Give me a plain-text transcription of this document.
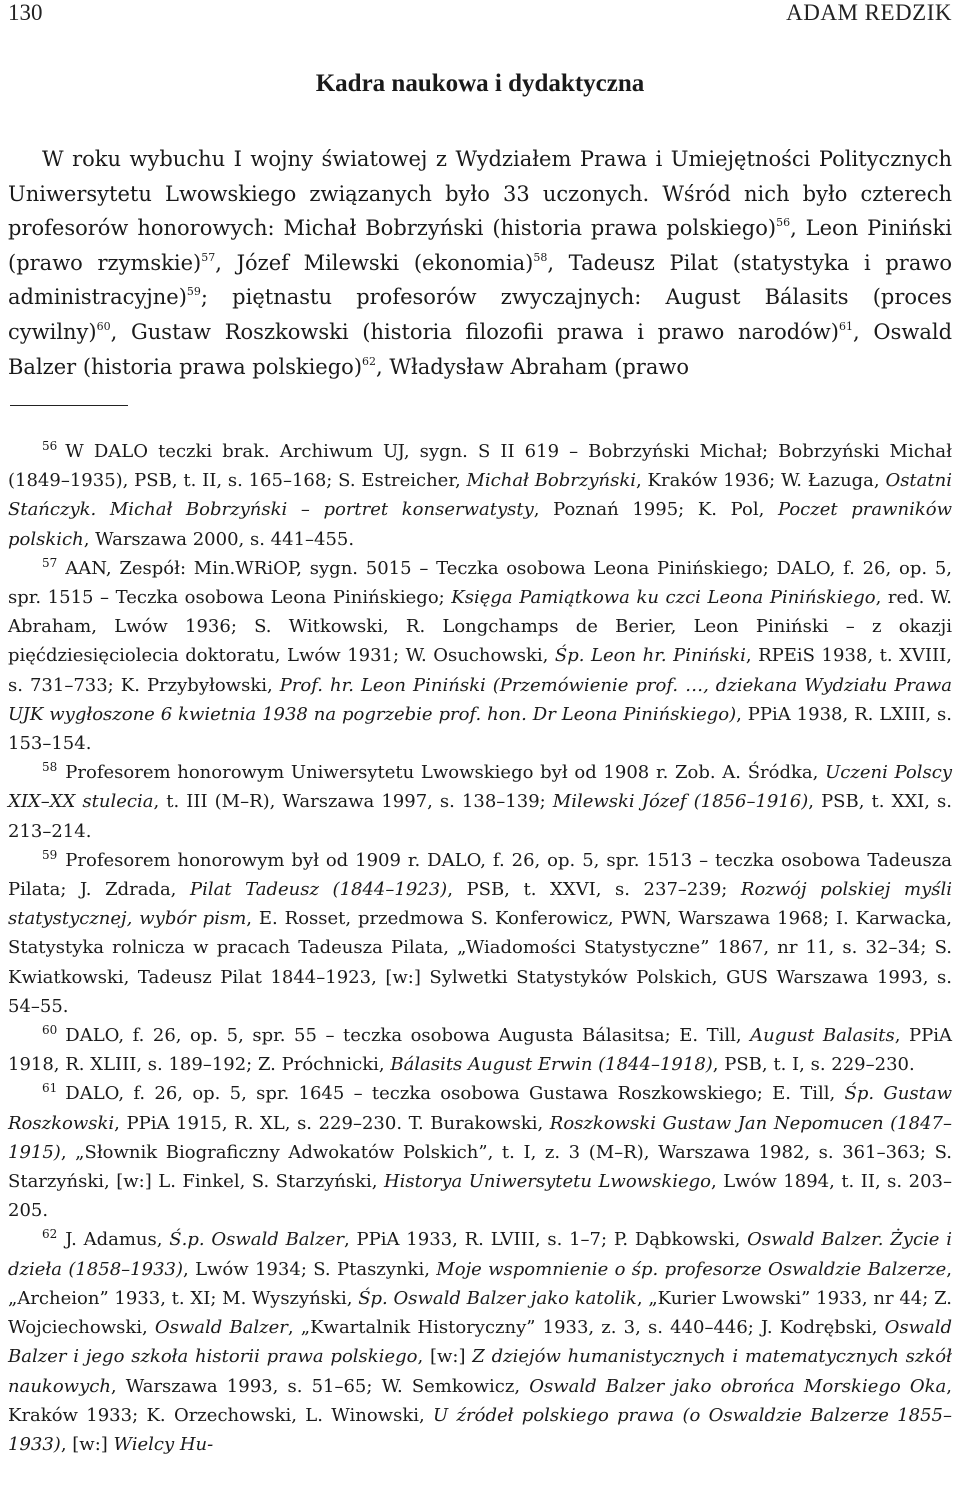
130	ADAM REDZIK
Kadra naukowa i dydaktyczna

W roku wybuchu I wojny światowej z Wydziałem Prawa i Umiejętności Politycznych Uniwersytetu Lwowskiego związanych było 33 uczonych. Wśród nich było czterech profesorów honorowych: Michał Bobrzyński (historia prawa polskiego)$^{56}$, Leon Piniński (prawo rzymskie)$^{57}$, Józef Milewski (ekonomia)$^{58}$, Tadeusz Pilat (statystyka i prawo administracyjne)$^{59}$; piętnastu profesorów zwyczajnych: August Bálasits (proces cywilny)$^{60}$, Gustaw Roszkowski (historia filozofii prawa i prawo narodów)$^{61}$, Oswald Balzer (historia prawa polskiego)$^{62}$, Władysław Abraham (prawo

$^{56}$ W DALO teczki brak. Archiwum UJ, sygn. S II 619 – Bobrzyński Michał; Bobrzyński Michał (1849–1935), PSB, t. II, s. 165–168; S. Estreicher, Michał Bobrzyński, Kraków 1936; W. Łazuga, Ostatni Stańczyk. Michał Bobrzyński – portret konserwatysty, Poznań 1995; K. Pol, Poczet prawników polskich, Warszawa 2000, s. 441–455.

$^{57}$ AAN, Zespół: Min.WRiOP, sygn. 5015 – Teczka osobowa Leona Pinińskiego; DALO, f. 26, op. 5, spr. 1515 – Teczka osobowa Leona Pinińskiego; Księga Pamiątkowa ku czci Leona Pinińskiego, red. W. Abraham, Lwów 1936; S. Witkowski, R. Longchamps de Berier, Leon Piniński – z okazji pięćdziesięciolecia doktoratu, Lwów 1931; W. Osuchowski, Śp. Leon hr. Piniński, RPEiS 1938, t. XVIII, s. 731–733; K. Przybyłowski, Prof. hr. Leon Piniński (Przemówienie prof. …, dziekana Wydziału Prawa UJK wygłoszone 6 kwietnia 1938 na pogrzebie prof. hon. Dr Leona Pinińskiego), PPiA 1938, R. LXIII, s. 153–154.

$^{58}$ Profesorem honorowym Uniwersytetu Lwowskiego był od 1908 r. Zob. A. Śródka, Uczeni Polscy XIX–XX stulecia, t. III (M–R), Warszawa 1997, s. 138–139; Milewski Józef (1856–1916), PSB, t. XXI, s. 213–214.

$^{59}$ Profesorem honorowym był od 1909 r. DALO, f. 26, op. 5, spr. 1513 – teczka osobowa Tadeusza Pilata; J. Zdrada, Pilat Tadeusz (1844–1923), PSB, t. XXVI, s. 237–239; Rozwój polskiej myśli statystycznej, wybór pism, E. Rosset, przedmowa S. Konferowicz, PWN, Warszawa 1968; I. Karwacka, Statystyka rolnicza w pracach Tadeusza Pilata, „Wiadomości Statystyczne” 1867, nr 11, s. 32–34; S. Kwiatkowski, Tadeusz Pilat 1844–1923, [w:] Sylwetki Statystyków Polskich, GUS Warszawa 1993, s. 54–55.

$^{60}$ DALO, f. 26, op. 5, spr. 55 – teczka osobowa Augusta Bálasitsa; E. Till, August Balasits, PPiA 1918, R. XLIII, s. 189–192; Z. Próchnicki, Bálasits August Erwin (1844–1918), PSB, t. I, s. 229–230.

$^{61}$ DALO, f. 26, op. 5, spr. 1645 – teczka osobowa Gustawa Roszkowskiego; E. Till, Śp. Gustaw Roszkowski, PPiA 1915, R. XL, s. 229–230. T. Burakowski, Roszkowski Gustaw Jan Nepomucen (1847–1915), „Słownik Biograficzny Adwokatów Polskich”, t. I, z. 3 (M–R), Warszawa 1982, s. 361–363; S. Starzyński, [w:] L. Finkel, S. Starzyński, Historya Uniwersytetu Lwowskiego, Lwów 1894, t. II, s. 203–205.

$^{62}$ J. Adamus, Ś.p. Oswald Balzer, PPiA 1933, R. LVIII, s. 1–7; P. Dąbkowski, Oswald Balzer. Życie i dzieła (1858–1933), Lwów 1934; S. Ptaszynki, Moje wspomnienie o śp. profesorze Oswaldzie Balzerze, „Archeion” 1933, t. XI; M. Wyszyński, Śp. Oswald Balzer jako katolik, „Kurier Lwowski” 1933, nr 44; Z. Wojciechowski, Oswald Balzer, „Kwartalnik Historyczny” 1933, z. 3, s. 440–446; J. Kodrębski, Oswald Balzer i jego szkoła historii prawa polskiego, [w:] Z dziejów humanistycznych i matematycznych szkół naukowych, Warszawa 1993, s. 51–65; W. Semkowicz, Oswald Balzer jako obrońca Morskiego Oka, Kraków 1933; K. Orzechowski, L. Winowski, U źródeł polskiego prawa (o Oswaldzie Balzerze 1855–1933), [w:] Wielcy Hu-
